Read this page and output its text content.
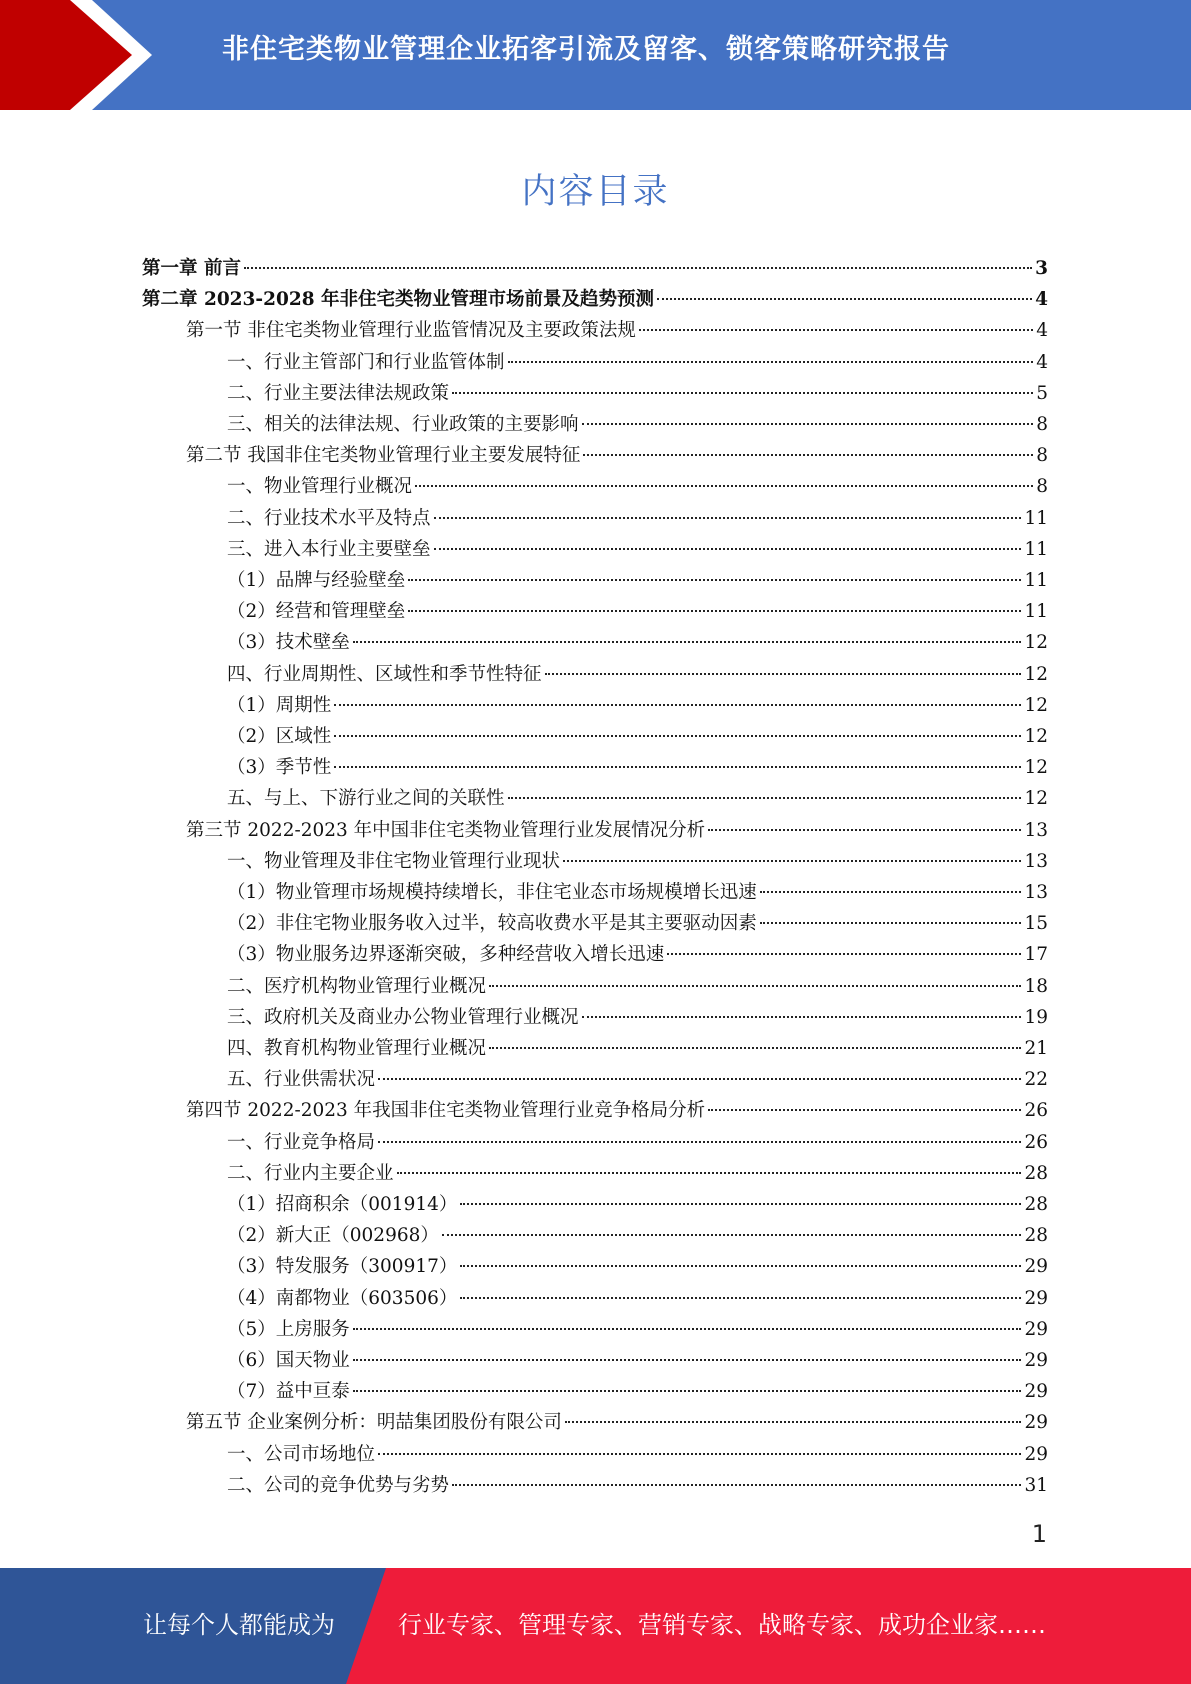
非住宅类物业管理企业拓客引流及留客、锁客策略研究报告
内容目录
第一章 前言	3
第二章 2023-2028 年非住宅类物业管理市场前景及趋势预测	4
第一节 非住宅类物业管理行业监管情况及主要政策法规	4
一、行业主管部门和行业监管体制	4
二、行业主要法律法规政策	5
三、相关的法律法规、行业政策的主要影响	8
第二节 我国非住宅类物业管理行业主要发展特征	8
一、物业管理行业概况	8
二、行业技术水平及特点	11
三、进入本行业主要壁垒	11
（1）品牌与经验壁垒	11
（2）经营和管理壁垒	11
（3）技术壁垒	12
四、行业周期性、区域性和季节性特征	12
（1）周期性	12
（2）区域性	12
（3）季节性	12
五、与上、下游行业之间的关联性	12
第三节 2022-2023 年中国非住宅类物业管理行业发展情况分析	13
一、物业管理及非住宅物业管理行业现状	13
（1）物业管理市场规模持续增长，非住宅业态市场规模增长迅速	13
（2）非住宅物业服务收入过半，较高收费水平是其主要驱动因素	15
（3）物业服务边界逐渐突破，多种经营收入增长迅速	17
二、医疗机构物业管理行业概况	18
三、政府机关及商业办公物业管理行业概况	19
四、教育机构物业管理行业概况	21
五、行业供需状况	22
第四节 2022-2023 年我国非住宅类物业管理行业竞争格局分析	26
一、行业竞争格局	26
二、行业内主要企业	28
（1）招商积余（001914）	28
（2）新大正（002968）	28
（3）特发服务（300917）	29
（4）南都物业（603506）	29
（5）上房服务	29
（6）国天物业	29
（7）益中亘泰	29
第五节 企业案例分析：明喆集团股份有限公司	29
一、公司市场地位	29
二、公司的竞争优势与劣势	31
1
让每个人都能成为	行业专家、管理专家、营销专家、战略专家、成功企业家……
